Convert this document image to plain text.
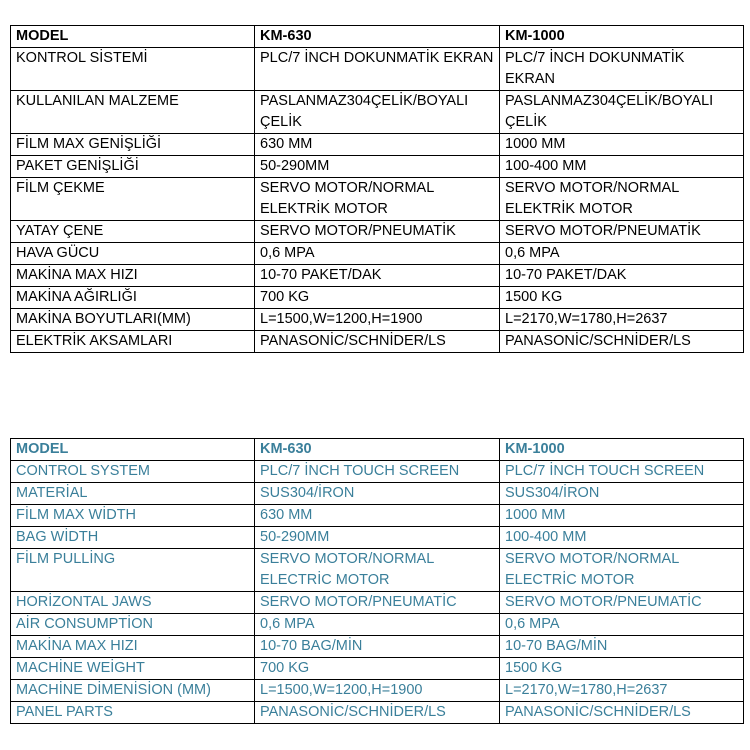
MODEL	KM-630	KM-1000
KONTROL SİSTEMİ	PLC/7 İNCH DOKUNMATİK EKRAN	PLC/7 İNCH DOKUNMATİK EKRAN
KULLANILAN MALZEME	PASLANMAZ304ÇELİK/BOYALI ÇELİK	PASLANMAZ304ÇELİK/BOYALI ÇELİK
FİLM MAX GENİŞLİĞİ	630 MM	1000 MM
PAKET GENİŞLİĞİ	50-290MM	100-400 MM
FİLM ÇEKME	SERVO MOTOR/NORMAL ELEKTRİK MOTOR	SERVO MOTOR/NORMAL ELEKTRİK MOTOR
YATAY ÇENE	SERVO MOTOR/PNEUMATİK	SERVO MOTOR/PNEUMATİK
HAVA GÜCU	0,6 MPA	0,6 MPA
MAKİNA MAX HIZI	10-70 PAKET/DAK	10-70 PAKET/DAK
MAKİNA AĞIRLIĞI	700 KG	1500 KG
MAKİNA BOYUTLARI(MM)	L=1500,W=1200,H=1900	L=2170,W=1780,H=2637
ELEKTRİK AKSAMLARI	PANASONİC/SCHNİDER/LS	PANASONİC/SCHNİDER/LS
MODEL	KM-630	KM-1000
CONTROL SYSTEM	PLC/7 İNCH TOUCH SCREEN	PLC/7 İNCH TOUCH SCREEN
MATERİAL	SUS304/İRON	SUS304/İRON
FİLM MAX WİDTH	630 MM	1000 MM
BAG WİDTH	50-290MM	100-400 MM
FİLM PULLİNG	SERVO MOTOR/NORMAL ELECTRİC MOTOR	SERVO MOTOR/NORMAL ELECTRİC MOTOR
HORİZONTAL JAWS	SERVO MOTOR/PNEUMATİC	SERVO MOTOR/PNEUMATİC
AİR CONSUMPTİON	0,6 MPA	0,6 MPA
MAKİNA MAX HIZI	10-70 BAG/MİN	10-70 BAG/MİN
MACHİNE WEİGHT	700 KG	1500 KG
MACHİNE DİMENİSİON (MM)	L=1500,W=1200,H=1900	L=2170,W=1780,H=2637
PANEL PARTS	PANASONİC/SCHNİDER/LS	PANASONİC/SCHNİDER/LS
